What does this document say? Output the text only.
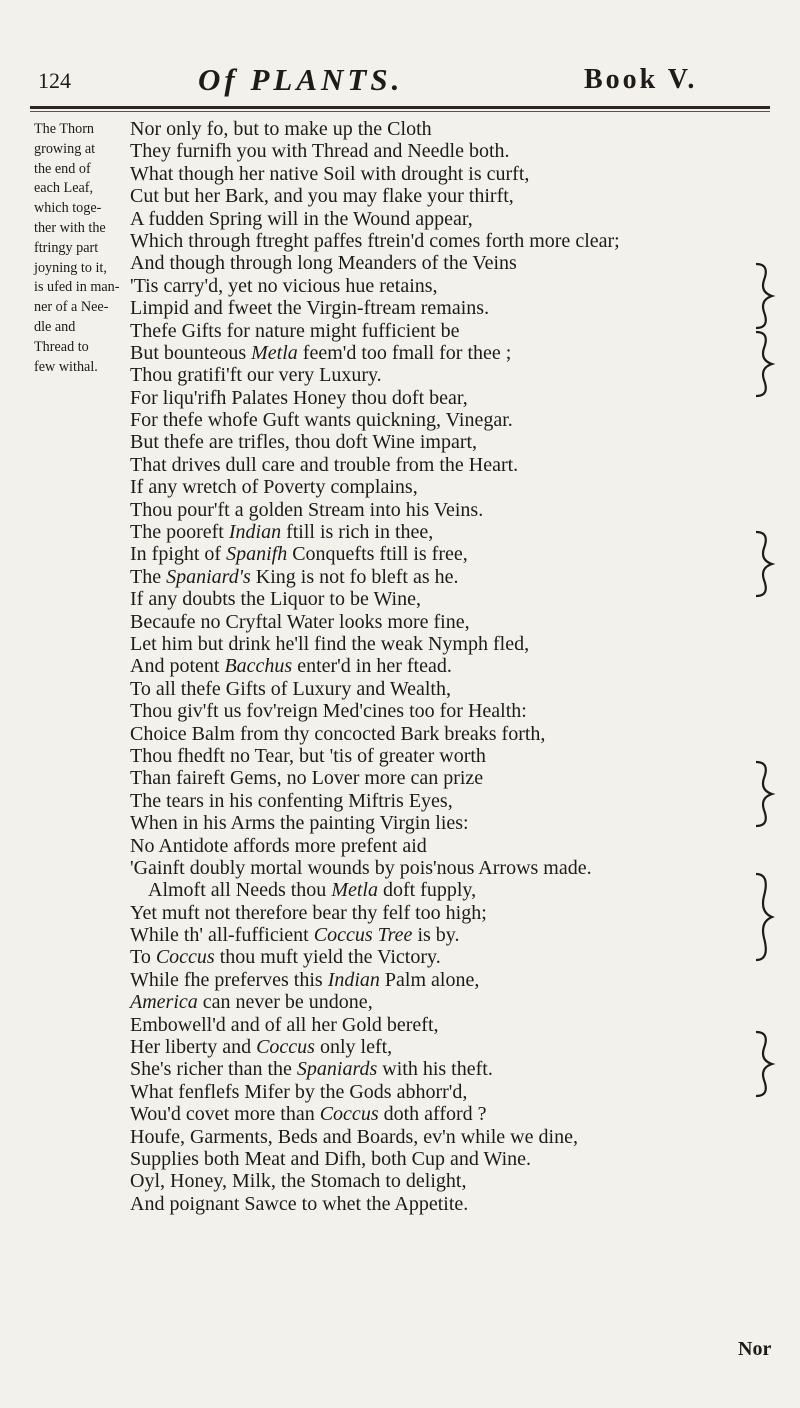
124	Of PLANTS.	Book V.
The Thorn
growing at
the end of
each Leaf,
which toge-
ther with the
ftringy part
joyning to it,
is ufed in man-
ner of a Nee-
dle and
Thread to
few withal.
Nor only fo, but to make up the Cloth
They furnifh you with Thread and Needle both.
What though her native Soil with drought is curft,
Cut but her Bark, and you may flake your thirft,
A fudden Spring will in the Wound appear,
Which through ftreght paffes ftrein'd comes forth more clear;
And though through long Meanders of the Veins
'Tis carry'd, yet no vicious hue retains,
Limpid and fweet the Virgin-ftream remains.
Thefe Gifts for nature might fufficient be
But bounteous Metla feem'd too fmall for thee ;
Thou gratifi'ft our very Luxury.
For liqu'rifh Palates Honey thou doft bear,
For thefe whofe Guft wants quickning, Vinegar.
But thefe are trifles, thou doft Wine impart,
That drives dull care and trouble from the Heart.
If any wretch of Poverty complains,
Thou pour'ft a golden Stream into his Veins.
The pooreft Indian ftill is rich in thee,
In fpight of Spanifh Conquefts ftill is free,
The Spaniard's King is not fo bleft as he.
If any doubts the Liquor to be Wine,
Becaufe no Cryftal Water looks more fine,
Let him but drink he'll find the weak Nymph fled,
And potent Bacchus enter'd in her ftead.
To all thefe Gifts of Luxury and Wealth,
Thou giv'ft us fov'reign Med'cines too for Health:
Choice Balm from thy concocted Bark breaks forth,
Thou fhedft no Tear, but 'tis of greater worth
Than faireft Gems, no Lover more can prize
The tears in his confenting Miftris Eyes,
When in his Arms the painting Virgin lies:
No Antidote affords more prefent aid
'Gainft doubly mortal wounds by pois'nous Arrows made.
Almoft all Needs thou Metla doft fupply,
Yet muft not therefore bear thy felf too high;
While th' all-fufficient Coccus Tree is by.
To Coccus thou muft yield the Victory.
While fhe preferves this Indian Palm alone,
America can never be undone,
Embowell'd and of all her Gold bereft,
Her liberty and Coccus only left,
She's richer than the Spaniards with his theft.
What fenflefs Mifer by the Gods abhorr'd,
Wou'd covet more than Coccus doth afford ?
Houfe, Garments, Beds and Boards, ev'n while we dine,
Supplies both Meat and Difh, both Cup and Wine.
Oyl, Honey, Milk, the Stomach to delight,
And poignant Sawce to whet the Appetite.
Nor
